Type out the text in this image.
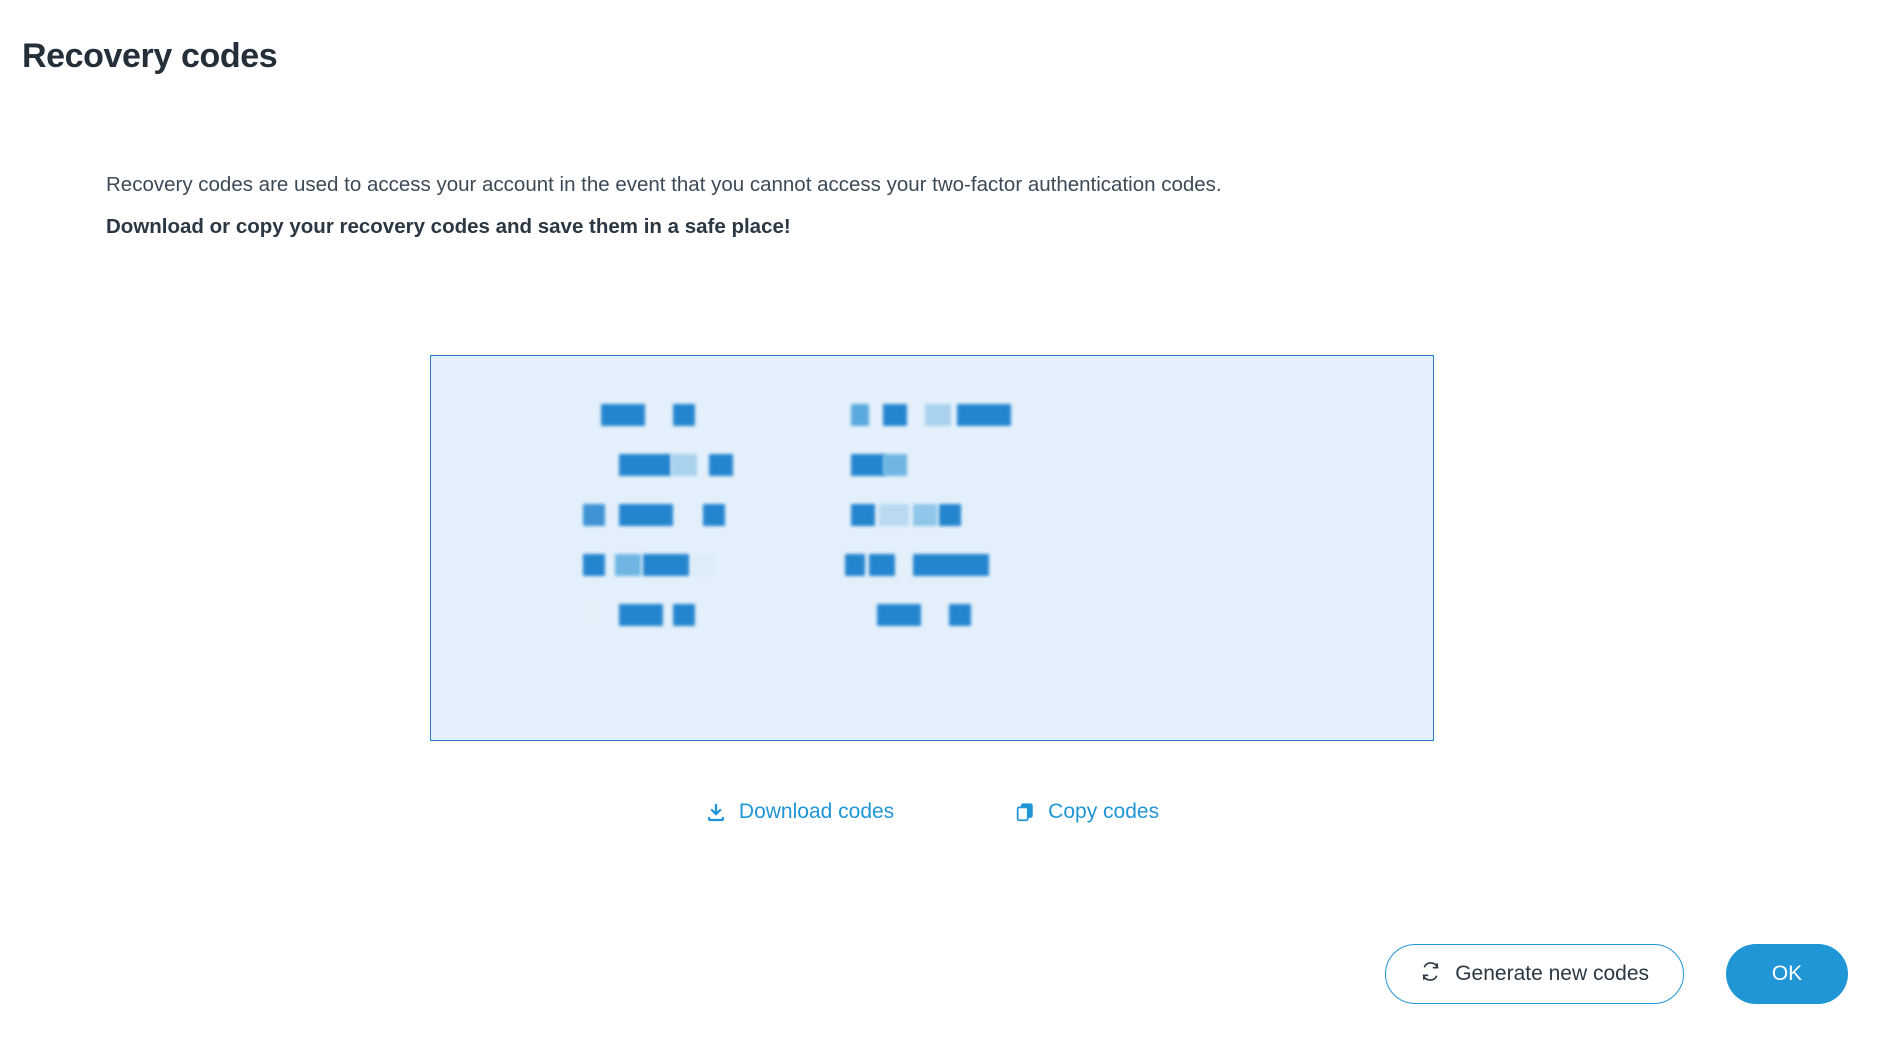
Recovery codes
Recovery codes are used to access your account in the event that you cannot access your two-factor authentication codes.
Download or copy your recovery codes and save them in a safe place!
Download codes	Copy codes
Generate new codes	OK
